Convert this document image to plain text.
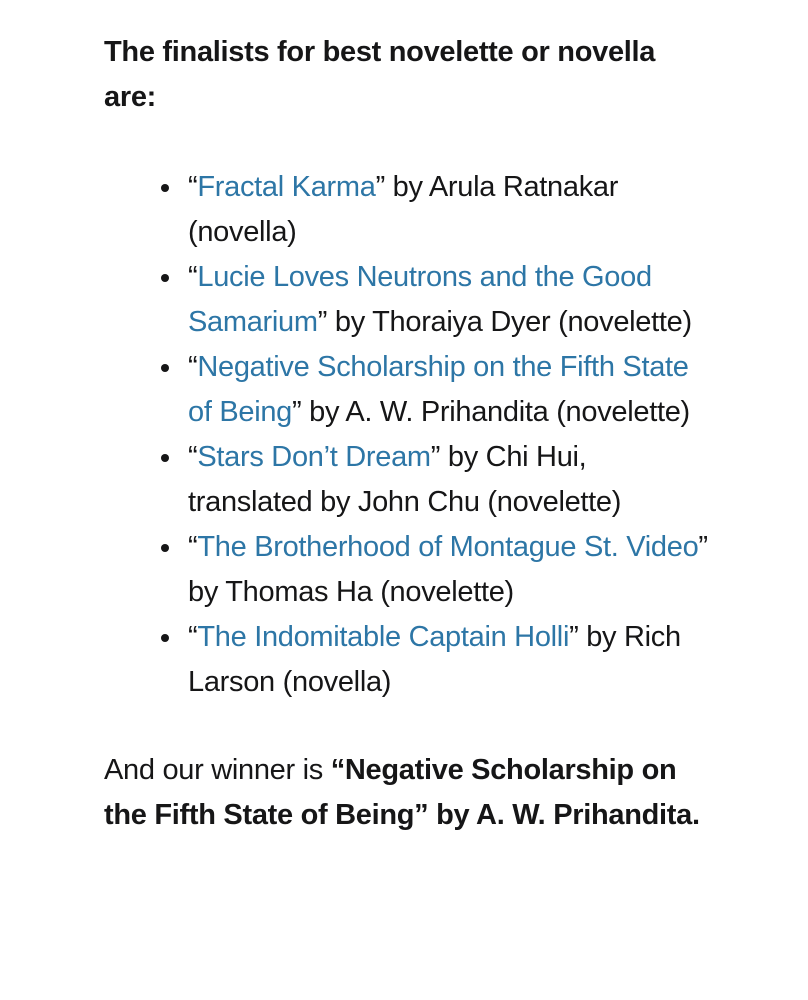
The finalists for best novelette or novella are:

• “Fractal Karma” by Arula Ratnakar (novella)
• “Lucie Loves Neutrons and the Good Samarium” by Thoraiya Dyer (novelette)
• “Negative Scholarship on the Fifth State of Being” by A. W. Prihandita (novelette)
• “Stars Don’t Dream” by Chi Hui, translated by John Chu (novelette)
• “The Brotherhood of Montague St. Video” by Thomas Ha (novelette)
• “The Indomitable Captain Holli” by Rich Larson (novella)

And our winner is “Negative Scholarship on the Fifth State of Being” by A. W. Prihandita.
